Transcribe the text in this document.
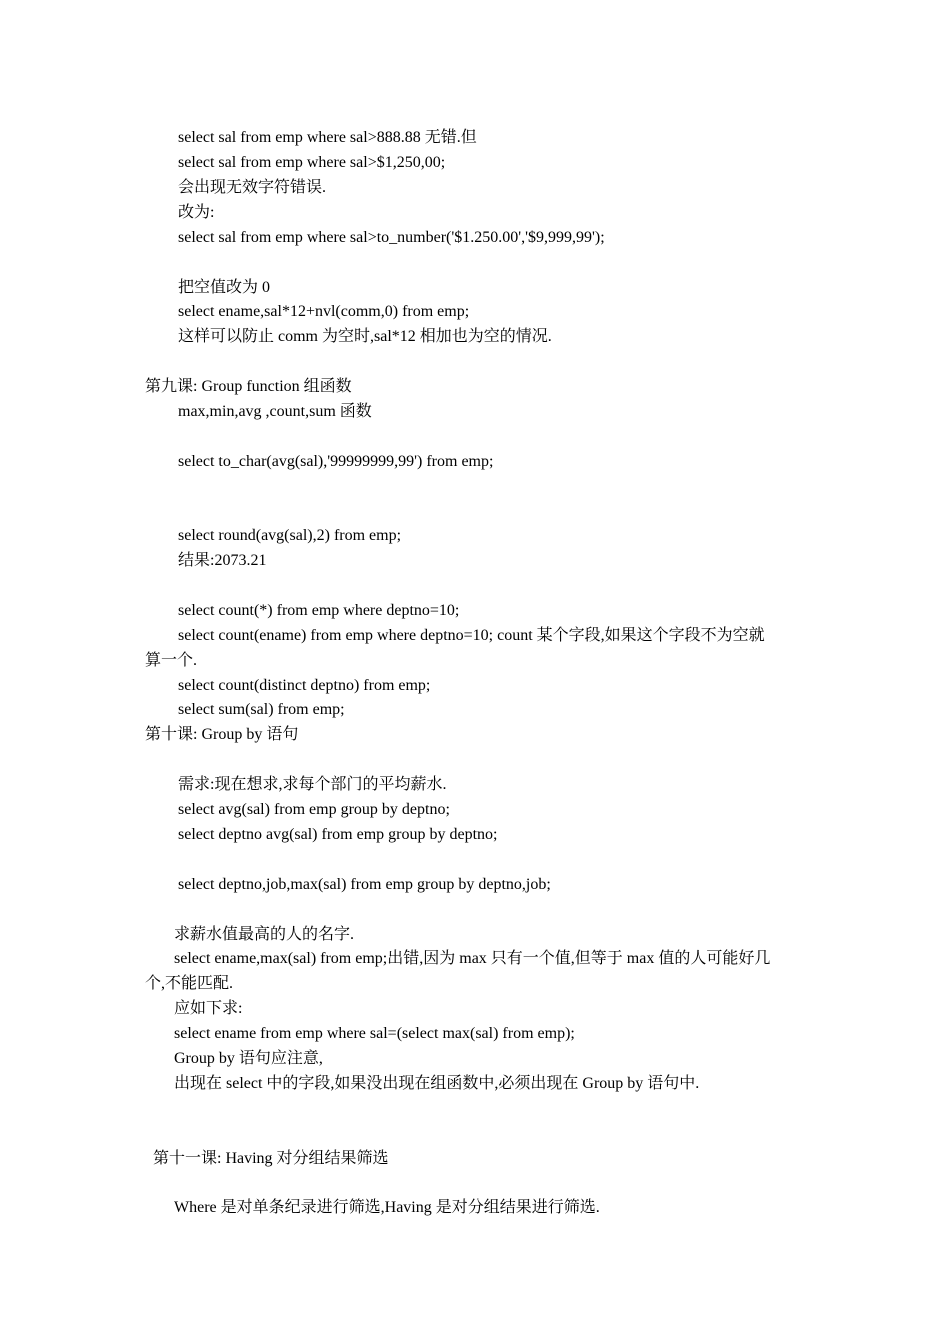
select sal from emp where sal>888.88 无错.但
select sal from emp where sal>$1,250,00;
会出现无效字符错误.
改为:
select sal from emp where sal>to_number('$1.250.00','$9,999,99');
把空值改为 0
select ename,sal*12+nvl(comm,0) from emp;
这样可以防止 comm 为空时,sal*12 相加也为空的情况.
第九课: Group function 组函数
max,min,avg ,count,sum 函数
select to_char(avg(sal),'99999999,99') from emp;
select round(avg(sal),2) from emp;
结果:2073.21
select count(*) from emp where deptno=10;
select count(ename) from emp where deptno=10; count 某个字段,如果这个字段不为空就
算一个.
select count(distinct deptno) from emp;
select sum(sal) from emp;
第十课: Group by 语句
需求:现在想求,求每个部门的平均薪水.
select avg(sal) from emp group by deptno;
select deptno avg(sal) from emp group by deptno;
select deptno,job,max(sal) from emp group by deptno,job;
求薪水值最高的人的名字.
select ename,max(sal) from emp;出错,因为 max 只有一个值,但等于 max 值的人可能好几
个,不能匹配.
应如下求:
select ename from emp where sal=(select max(sal) from emp);
Group by 语句应注意,
出现在 select 中的字段,如果没出现在组函数中,必须出现在 Group by 语句中.
第十一课: Having 对分组结果筛选
Where 是对单条纪录进行筛选,Having 是对分组结果进行筛选.
